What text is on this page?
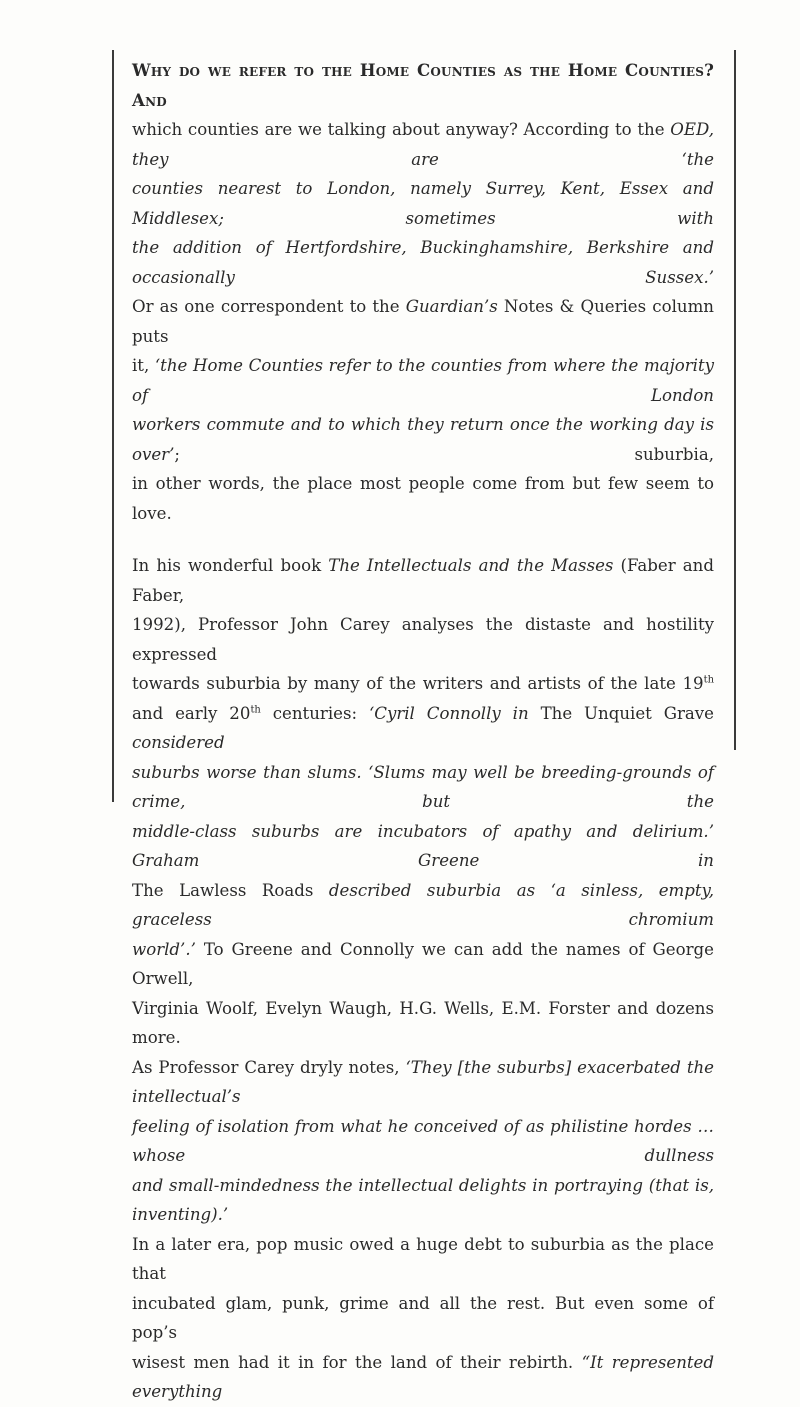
Why do we refer to the Home Counties as the Home Counties? And
which counties are we talking about anyway? According to the OED, they are ‘the
counties nearest to London, namely Surrey, Kent, Essex and Middlesex; sometimes with
the addition of Hertfordshire, Buckinghamshire, Berkshire and occasionally Sussex.’
Or as one correspondent to the Guardian’s Notes & Queries column puts
it, ‘the Home Counties refer to the counties from where the majority of London
workers commute and to which they return once the working day is over’; suburbia,
in other words, the place most people come from but few seem to love.

In his wonderful book The Intellectuals and the Masses (Faber and Faber,
1992), Professor John Carey analyses the distaste and hostility expressed
towards suburbia by many of the writers and artists of the late 19th
and early 20th centuries: ‘Cyril Connolly in The Unquiet Grave considered
suburbs worse than slums. ‘Slums may well be breeding-grounds of crime, but the
middle-class suburbs are incubators of apathy and delirium.’ Graham Greene in
The Lawless Roads described suburbia as ‘a sinless, empty, graceless chromium
world’.’ To Greene and Connolly we can add the names of George Orwell,
Virginia Woolf, Evelyn Waugh, H.G. Wells, E.M. Forster and dozens more.
As Professor Carey dryly notes, ‘They [the suburbs] exacerbated the intellectual’s
feeling of isolation from what he conceived of as philistine hordes … whose dullness
and small-mindedness the intellectual delights in portraying (that is, inventing).’
In a later era, pop music owed a huge debt to suburbia as the place that
incubated glam, punk, grime and all the rest. But even some of pop’s
wisest men had it in for the land of their rebirth. “It represented everything
